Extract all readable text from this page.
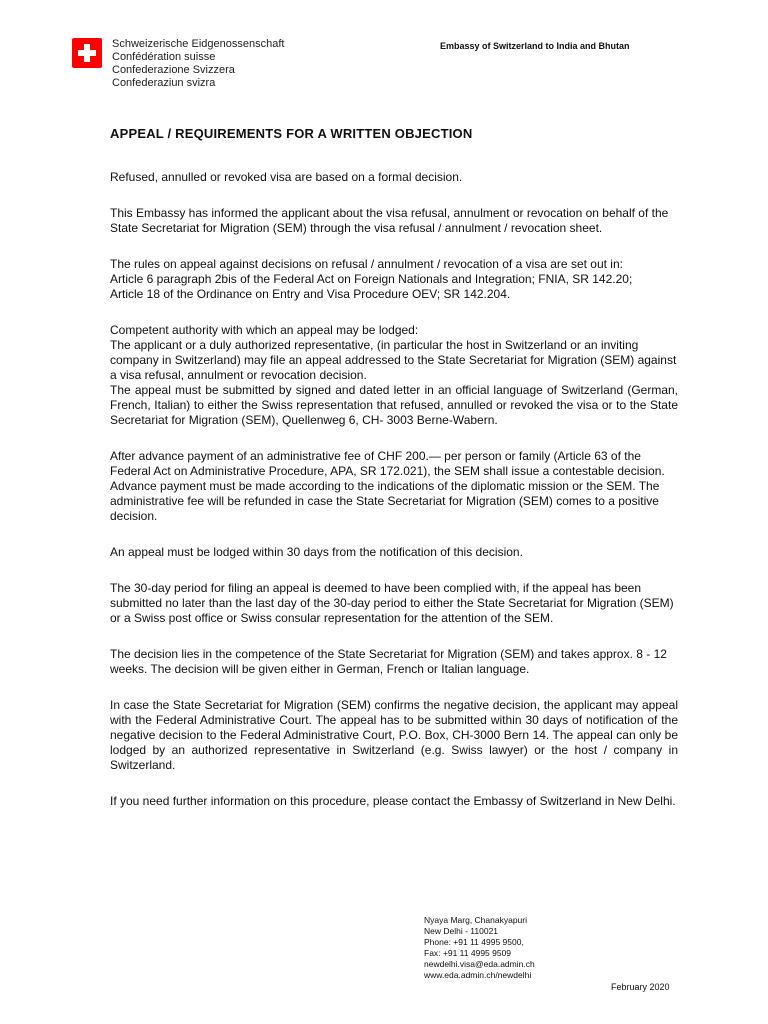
Schweizerische Eidgenossenschaft
Confédération suisse
Confederazione Svizzera
Confederaziun svizra
Embassy of Switzerland to India and Bhutan
APPEAL / REQUIREMENTS FOR A WRITTEN OBJECTION

Refused, annulled or revoked visa are based on a formal decision.

This Embassy has informed the applicant about the visa refusal, annulment or revocation on behalf of the State Secretariat for Migration (SEM) through the visa refusal / annulment / revocation sheet.

The rules on appeal against decisions on refusal / annulment / revocation of a visa are set out in:
Article 6 paragraph 2bis of the Federal Act on Foreign Nationals and Integration; FNIA, SR 142.20;
Article 18 of the Ordinance on Entry and Visa Procedure OEV; SR 142.204.

Competent authority with which an appeal may be lodged:
The applicant or a duly authorized representative, (in particular the host in Switzerland or an inviting company in Switzerland) may file an appeal addressed to the State Secretariat for Migration (SEM) against a visa refusal, annulment or revocation decision.

The appeal must be submitted by signed and dated letter in an official language of Switzerland (German, French, Italian) to either the Swiss representation that refused, annulled or revoked the visa or to the State Secretariat for Migration (SEM), Quellenweg 6, CH- 3003 Berne-Wabern.

After advance payment of an administrative fee of CHF 200.— per person or family (Article 63 of the Federal Act on Administrative Procedure, APA, SR 172.021), the SEM shall issue a contestable decision. Advance payment must be made according to the indications of the diplomatic mission or the SEM. The administrative fee will be refunded in case the State Secretariat for Migration (SEM) comes to a positive decision.

An appeal must be lodged within 30 days from the notification of this decision.

The 30-day period for filing an appeal is deemed to have been complied with, if the appeal has been submitted no later than the last day of the 30-day period to either the State Secretariat for Migration (SEM) or a Swiss post office or Swiss consular representation for the attention of the SEM.

The decision lies in the competence of the State Secretariat for Migration (SEM) and takes approx. 8 - 12 weeks. The decision will be given either in German, French or Italian language.

In case the State Secretariat for Migration (SEM) confirms the negative decision, the applicant may appeal with the Federal Administrative Court. The appeal has to be submitted within 30 days of notification of the negative decision to the Federal Administrative Court, P.O. Box, CH-3000 Bern 14. The appeal can only be lodged by an authorized representative in Switzerland (e.g. Swiss lawyer) or the host / company in Switzerland.

If you need further information on this procedure, please contact the Embassy of Switzerland in New Delhi.

Nyaya Marg, Chanakyapuri
New Delhi - 110021
Phone: +91 11 4995 9500,
Fax: +91 11 4995 9509
newdelhi.visa@eda.admin.ch
www.eda.admin.ch/newdelhi
February 2020
